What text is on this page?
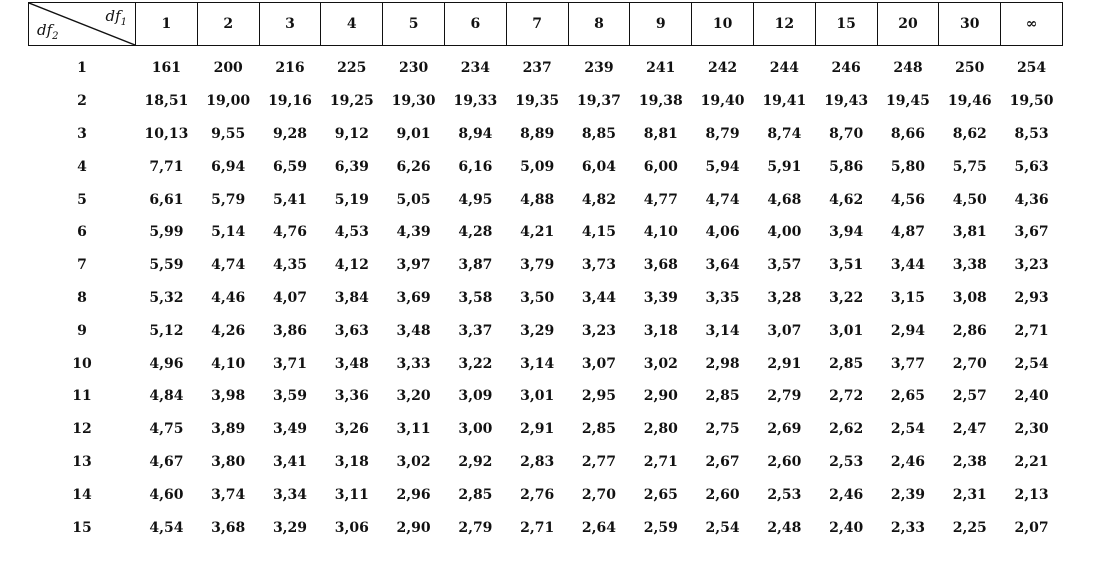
$df_1$
$df_2$	1	2	3	4	5	6	7	8	9	10	12	15	20	30	∞
1	161	200	216	225	230	234	237	239	241	242	244	246	248	250	254
2	18,51	19,00	19,16	19,25	19,30	19,33	19,35	19,37	19,38	19,40	19,41	19,43	19,45	19,46	19,50
3	10,13	9,55	9,28	9,12	9,01	8,94	8,89	8,85	8,81	8,79	8,74	8,70	8,66	8,62	8,53
4	7,71	6,94	6,59	6,39	6,26	6,16	5,09	6,04	6,00	5,94	5,91	5,86	5,80	5,75	5,63
5	6,61	5,79	5,41	5,19	5,05	4,95	4,88	4,82	4,77	4,74	4,68	4,62	4,56	4,50	4,36
6	5,99	5,14	4,76	4,53	4,39	4,28	4,21	4,15	4,10	4,06	4,00	3,94	4,87	3,81	3,67
7	5,59	4,74	4,35	4,12	3,97	3,87	3,79	3,73	3,68	3,64	3,57	3,51	3,44	3,38	3,23
8	5,32	4,46	4,07	3,84	3,69	3,58	3,50	3,44	3,39	3,35	3,28	3,22	3,15	3,08	2,93
9	5,12	4,26	3,86	3,63	3,48	3,37	3,29	3,23	3,18	3,14	3,07	3,01	2,94	2,86	2,71
10	4,96	4,10	3,71	3,48	3,33	3,22	3,14	3,07	3,02	2,98	2,91	2,85	3,77	2,70	2,54
11	4,84	3,98	3,59	3,36	3,20	3,09	3,01	2,95	2,90	2,85	2,79	2,72	2,65	2,57	2,40
12	4,75	3,89	3,49	3,26	3,11	3,00	2,91	2,85	2,80	2,75	2,69	2,62	2,54	2,47	2,30
13	4,67	3,80	3,41	3,18	3,02	2,92	2,83	2,77	2,71	2,67	2,60	2,53	2,46	2,38	2,21
14	4,60	3,74	3,34	3,11	2,96	2,85	2,76	2,70	2,65	2,60	2,53	2,46	2,39	2,31	2,13
15	4,54	3,68	3,29	3,06	2,90	2,79	2,71	2,64	2,59	2,54	2,48	2,40	2,33	2,25	2,07
